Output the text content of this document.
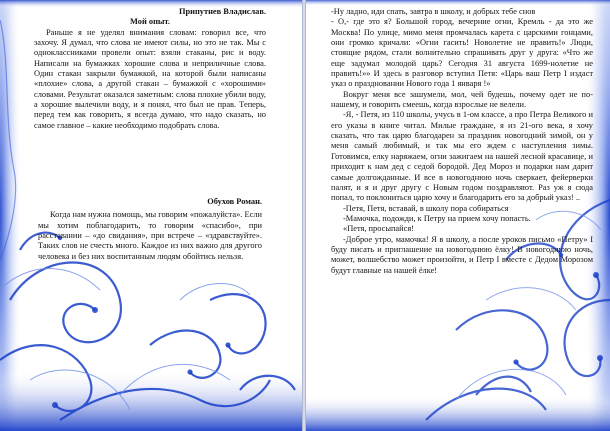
Припутнев Владислав.

Мой опыт.

Раньше я не уделял внимания словам: говорил все, что захочу. Я думал, что слова не имеют силы, но это не так. Мы с одноклассниками провели опыт: взяли стаканы, рис и воду. Написали на бумажках хорошие слова и неприличные слова. Один стакан закрыли бумажкой, на которой были написаны «плохие» слова, а другой стакан – бумажкой с «хорошими» словами. Результат оказался заметным: слова плохие убили воду, а хорошие вылечили воду, и я понял, что был не прав. Теперь, перед тем как говорить, я всегда думаю, что надо сказать, но самое главное – какие необходимо подобрать слова.

Обухов Роман.

Когда нам нужна помощь, мы говорим «пожалуйста». Если мы хотим поблагодарить, то говорим «спасибо», при расставании – «до свидания», при встрече – «здравствуйте». Таких слов не счесть много. Каждое из них важно для другого человека и без них воспитанным людям обойтись нельзя.

-Ну ладно, иди спать, завтра в школу, и добрых тебе снов

- О,- где это я? Большой город, вечерние огни, Кремль - да это же Москва! По улице, мимо меня промчалась карета с царскими гонцами, они громко кричали: «Огни гасить! Новолетие не править!» Люди, стоящие рядом, стали волнительно спрашивать друг у друга: «Что же еще задумал молодой царь? Сегодня 31 августа 1699-нолетие не править!»» И здесь в разговор вступил Петя: «Царь ваш Петр I издаст указ о праздновании Нового года 1 января !»

Вокруг меня все зашумели, мол, чей будешь, почему одет не по-нашему, и говорить смеешь, когда взрослые не велели.

-Я, - Петя, из 110 школы, учусь в 1-ом классе, а про Петра Великого и его указы в книге читал. Милые граждане, я из 21-ого века, я хочу сказать, что так царю благодарен за праздник новогодний зимой, он у меня самый любимый, и так мы его ждем с наступления зимы. Готовимся, елку наряжаем, огни зажигаем на нашей лесной красавице, и приходит к нам дед с седой бородой. Дед Мороз и подарки нам дарит самые долгожданные. И все в новогоднюю ночь сверкает, фейерверки палят, и я и друг другу с Новым годом поздравляют. Раз уж я сюда попал, то поклониться царю хочу и благодарить его за добрый указ! ..

-Петя, Петя, вставай, в школу пора собираться

-Мамочка, подожди, к Петру на прием хочу попасть.

«Петя, просыпайся!

-Доброе утро, мамочка! Я в школу, а после уроков письмо «Петру» I буду писать и приглашение на новогоднюю ёлку! В новогоднюю ночь, может, волшебство может произойти, и Петр I вместе с Дедом Морозом будут главные на нашей ёлке!
